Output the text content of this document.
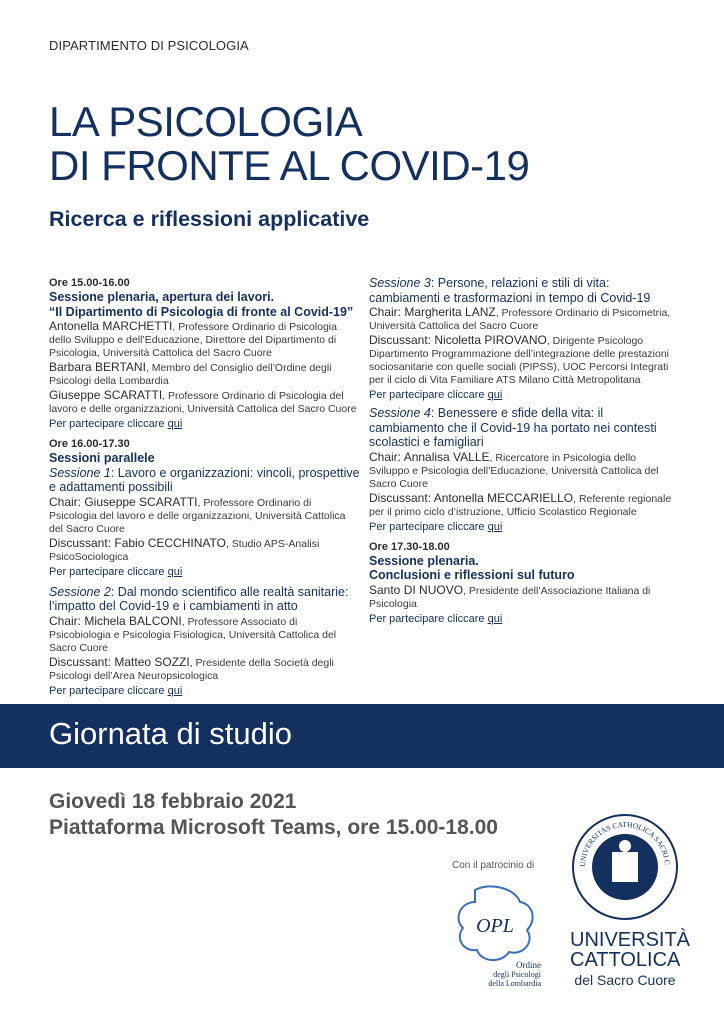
DIPARTIMENTO DI PSICOLOGIA
LA PSICOLOGIA
DI FRONTE AL COVID-19
Ricerca e riflessioni applicative
Ore 15.00-16.00
Sessione plenaria, apertura dei lavori.
“Il Dipartimento di Psicologia di fronte al Covid-19”
Antonella MARCHETTI, Professore Ordinario di Psicologia dello Sviluppo e dell’Educazione, Direttore del Dipartimento di Psicologia, Università Cattolica del Sacro Cuore
Barbara BERTANI, Membro del Consiglio dell’Ordine degli Psicologi della Lombardia
Giuseppe SCARATTI, Professore Ordinario di Psicologia del lavoro e delle organizzazioni, Università Cattolica del Sacro Cuore
Per partecipare cliccare qui
Ore 16.00-17.30
Sessioni parallele
Sessione 1: Lavoro e organizzazioni: vincoli, prospettive e adattamenti possibili
Chair: Giuseppe SCARATTI, Professore Ordinario di Psicologia del lavoro e delle organizzazioni, Università Cattolica del Sacro Cuore
Discussant: Fabio CECCHINATO, Studio APS-Analisi PsicoSociologica
Per partecipare cliccare qui
Sessione 2: Dal mondo scientifico alle realtà sanitarie: l’impatto del Covid-19 e i cambiamenti in atto
Chair: Michela BALCONI, Professore Associato di Psicobiologia e Psicologia Fisiologica, Università Cattolica del Sacro Cuore
Discussant: Matteo SOZZI, Presidente della Società degli Psicologi dell’Area Neuropsicologica
Per partecipare cliccare qui
Sessione 3: Persone, relazioni e stili di vita: cambiamenti e trasformazioni in tempo di Covid-19
Chair: Margherita LANZ, Professore Ordinario di Psicometria, Università Cattolica del Sacro Cuore
Discussant: Nicoletta PIROVANO, Dirigente Psicologo Dipartimento Programmazione dell’integrazione delle prestazioni sociosanitarie con quelle sociali (PIPSS), UOC Percorsi Integrati per il ciclo di Vita Familiare ATS Milano Città Metropolitana
Per partecipare cliccare qui
Sessione 4: Benessere e sfide della vita: il cambiamento che il Covid-19 ha portato nei contesti scolastici e famigliari
Chair: Annalisa VALLE, Ricercatore in Psicologia dello Sviluppo e Psicologia dell’Educazione, Università Cattolica del Sacro Cuore
Discussant: Antonella MECCARIELLO, Referente regionale per il primo ciclo d’istruzione, Ufficio Scolastico Regionale
Per partecipare cliccare qui
Ore 17.30-18.00
Sessione plenaria.
Conclusioni e riflessioni sul futuro
Santo DI NUOVO, Presidente dell’Associazione Italiana di Psicologia
Per partecipare cliccare qui
Giornata di studio
Giovedì 18 febbraio 2021
Piattaforma Microsoft Teams, ore 15.00-18.00
Con il patrocinio di
OPL
Ordine
degli Psicologi
della Lombardia
UNIVERSITAS CATHOLICA SACRI C
UNIVERSITÀ
CATTOLICA
del Sacro Cuore
